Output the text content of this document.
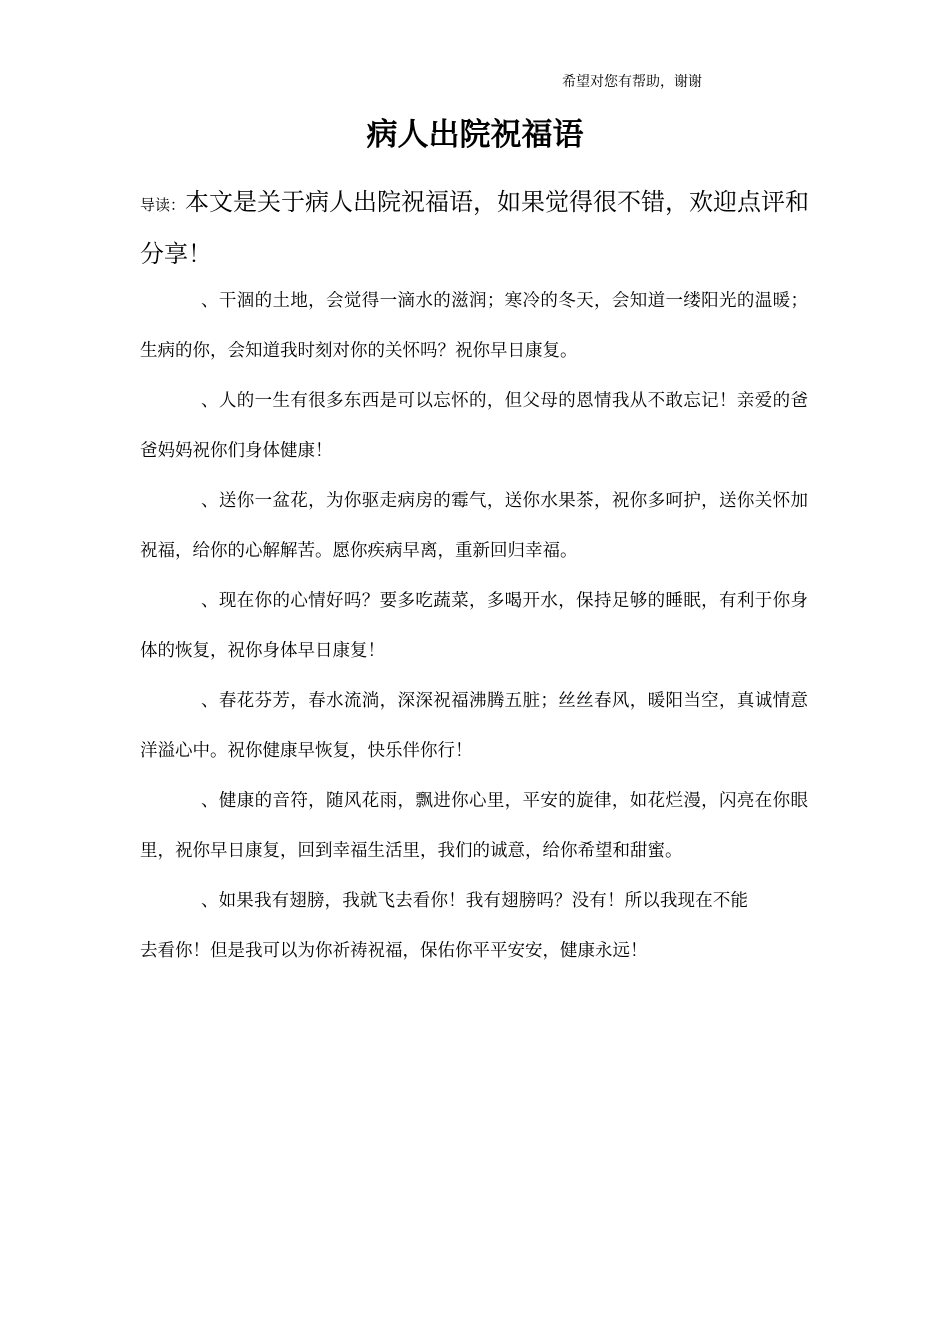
希望对您有帮助，谢谢
病人出院祝福语

导读：本文是关于病人出院祝福语，如果觉得很不错，欢迎点评和分享！

、干涸的土地，会觉得一滴水的滋润；寒冷的冬天，会知道一缕阳光的温暖；生病的你，会知道我时刻对你的关怀吗？祝你早日康复。

、人的一生有很多东西是可以忘怀的，但父母的恩情我从不敢忘记！亲爱的爸爸妈妈祝你们身体健康！

、送你一盆花，为你驱走病房的霉气，送你水果茶，祝你多呵护，送你关怀加祝福，给你的心解解苦。愿你疾病早离，重新回归幸福。

、现在你的心情好吗？要多吃蔬菜，多喝开水，保持足够的睡眠，有利于你身体的恢复，祝你身体早日康复！

、春花芬芳，春水流淌，深深祝福沸腾五脏；丝丝春风，暖阳当空，真诚情意洋溢心中。祝你健康早恢复，快乐伴你行！

、健康的音符，随风花雨，飘进你心里，平安的旋律，如花烂漫，闪亮在你眼里，祝你早日康复，回到幸福生活里，我们的诚意，给你希望和甜蜜。

、如果我有翅膀，我就飞去看你！我有翅膀吗？没有！所以我现在不能去看你！但是我可以为你祈祷祝福，保佑你平平安安，健康永远！
